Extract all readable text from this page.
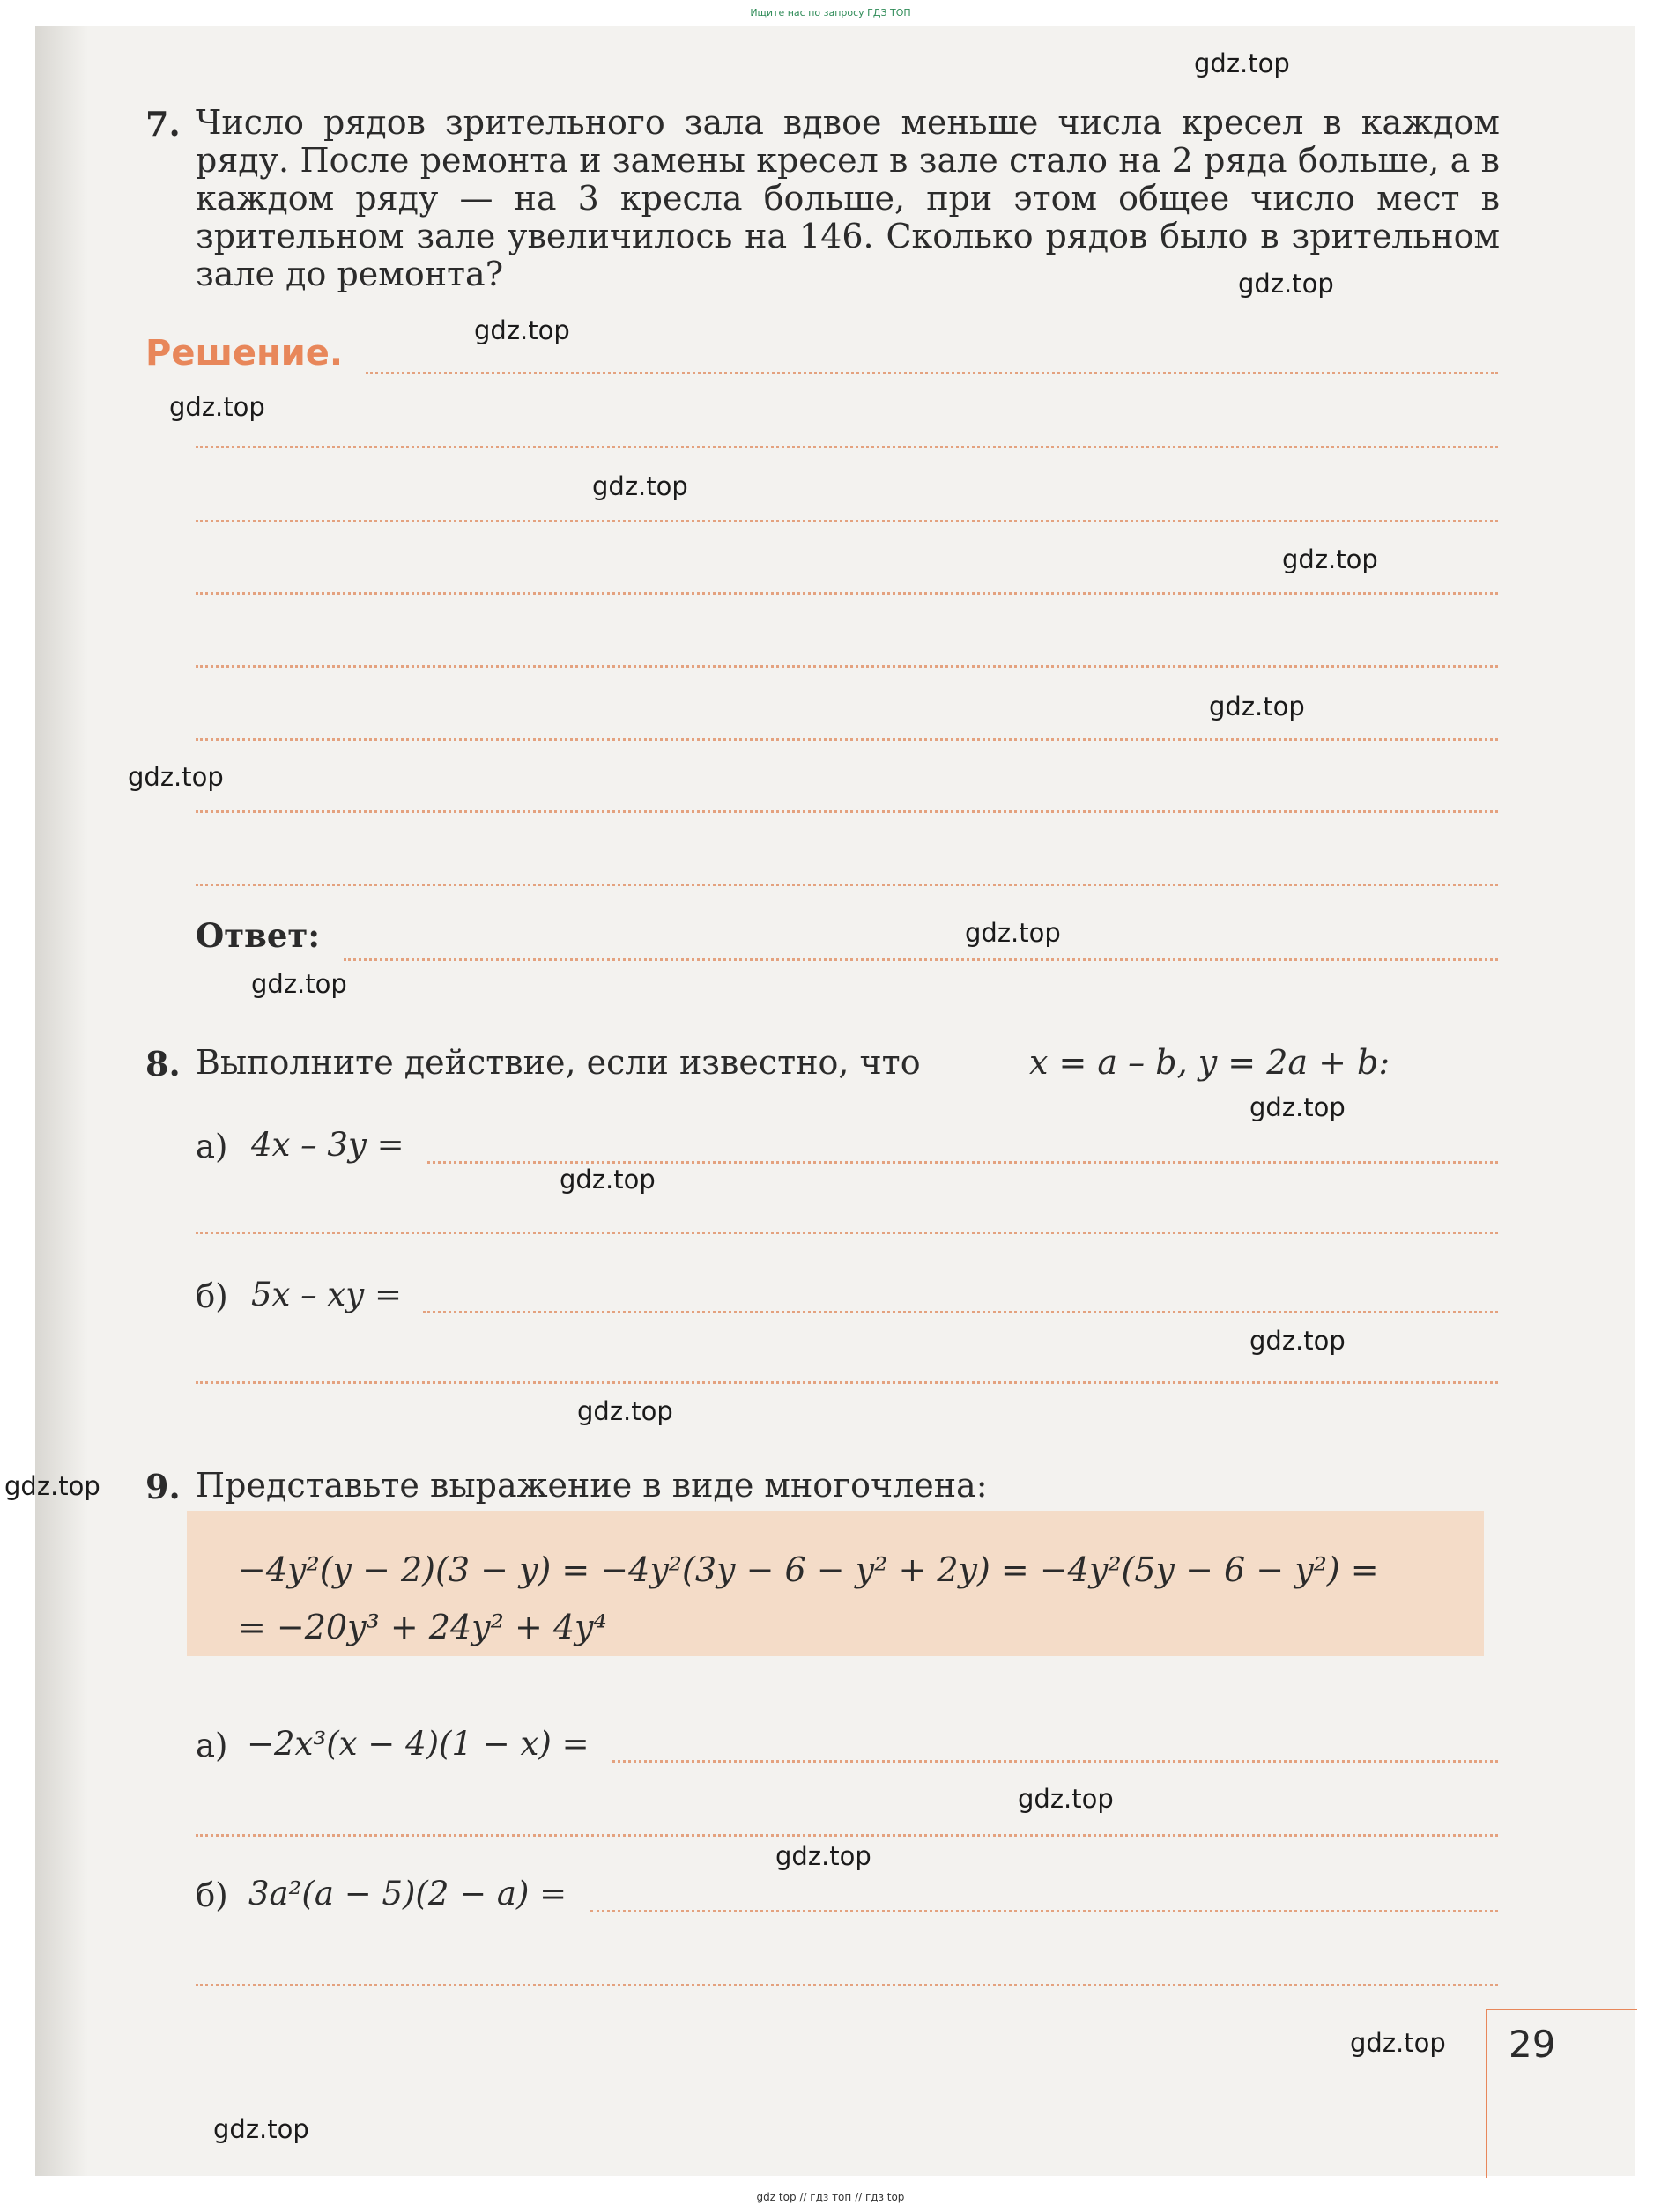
Ищите нас по запросу ГДЗ ТОП
gdz.top
gdz.top
gdz.top
gdz.top
gdz.top
gdz.top
gdz.top
gdz.top
gdz.top
gdz.top
gdz.top
gdz.top
gdz.top
gdz.top
gdz.top
gdz.top
gdz.top
gdz.top
gdz.top
7. Число рядов зрительного зала вдвое меньше числа кресел в каждом ряду. После ремонта и замены кресел в зале стало на 2 ряда больше, а в каждом ряду — на 3 кресла больше, при этом общее число мест в зрительном зале увеличилось на 146. Сколько рядов было в зрительном зале до ремонта?
Решение.
Ответ:
8. Выполните действие, если известно, что	x = a – b, y = 2a + b:
а) 4x – 3y =
б) 5x – xy =
9. Представьте выражение в виде многочлена:
−4y²(y − 2)(3 − y) = −4y²(3y − 6 − y² + 2y) = −4y²(5y − 6 − y²) =
= −20y³ + 24y² + 4y⁴
а) −2x³(x − 4)(1 − x) =
б) 3a²(a − 5)(2 − a) =
29
gdz top // гдз топ // гдз top
